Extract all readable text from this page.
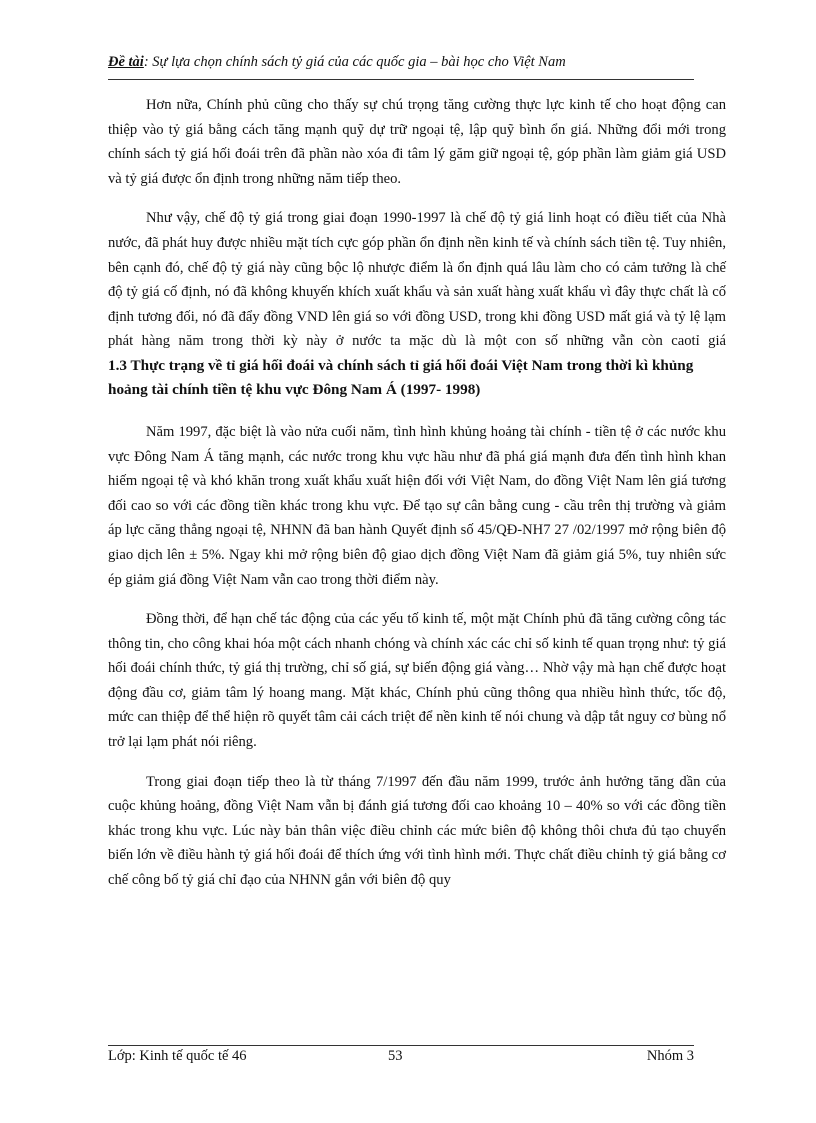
Đề tài: Sự lựa chọn chính sách tỷ giá của các quốc gia – bài học cho Việt Nam

Hơn nữa, Chính phủ cũng cho thấy sự chú trọng tăng cường thực lực kinh tế cho hoạt động can thiệp vào tỷ giá bằng cách tăng mạnh quỹ dự trữ ngoại tệ, lập quỹ bình ổn giá. Những đổi mới trong chính sách tỷ giá hối đoái trên đã phần nào xóa đi tâm lý găm giữ ngoại tệ, góp phần làm giảm giá USD và tỷ giá được ổn định trong những năm tiếp theo.

Như vậy, chế độ tỷ giá trong giai đoạn 1990-1997 là chế độ tỷ giá linh hoạt có điều tiết của Nhà nước, đã phát huy được nhiều mặt tích cực góp phần ổn định nền kinh tế và chính sách tiền tệ. Tuy nhiên, bên cạnh đó, chế độ tỷ giá này cũng bộc lộ nhược điểm là ổn định quá lâu làm cho có cảm tưởng là chế độ tỷ giá cố định, nó đã không khuyến khích xuất khẩu và sản xuất hàng xuất khẩu vì đây thực chất là cố định tương đối, nó đã đẩy đồng VND lên giá so với đồng USD, trong khi đồng USD mất giá và tỷ lệ lạm phát hàng năm trong thời kỳ này ở nước ta mặc dù là một con số những vẫn còn caotỉ giá

1.3 Thực trạng về tỉ giá hối đoái và chính sách tỉ giá hối đoái Việt Nam trong thời kì khủng hoảng tài chính tiền tệ khu vực Đông Nam Á (1997- 1998)

Năm 1997, đặc biệt là vào nửa cuối năm, tình hình khủng hoảng tài chính - tiền tệ ở các nước khu vực Đông Nam Á tăng mạnh, các nước trong khu vực hầu như đã phá giá mạnh đưa đến tình hình khan hiếm ngoại tệ và khó khăn trong xuất khẩu xuất hiện đối với Việt Nam, do đồng Việt Nam lên giá tương đối cao so với các đồng tiền khác trong khu vực. Để tạo sự cân bằng cung - cầu trên thị trường và giảm áp lực căng thẳng ngoại tệ, NHNN đã ban hành Quyết định số 45/QĐ-NH7 27 /02/1997 mở rộng biên độ giao dịch lên ± 5%. Ngay khi mở rộng biên độ giao dịch đồng Việt Nam đã giảm giá 5%, tuy nhiên sức ép giảm giá đồng Việt Nam vẫn cao trong thời điểm này.

Đồng thời, để hạn chế tác động của các yếu tố kinh tế, một mặt Chính phủ đã tăng cường công tác thông tin, cho công khai hóa một cách nhanh chóng và chính xác các chỉ số kinh tế quan trọng như: tỷ giá hối đoái chính thức, tỷ giá thị trường, chỉ số giá, sự biến động giá vàng… Nhờ vậy mà hạn chế được hoạt động đầu cơ, giảm tâm lý hoang mang. Mặt khác, Chính phủ cũng thông qua nhiều hình thức, tốc độ, mức can thiệp để thể hiện rõ quyết tâm cải cách triệt để nền kinh tế nói chung và dập tắt nguy cơ bùng nổ trở lại lạm phát nói riêng.

Trong giai đoạn tiếp theo là từ tháng 7/1997 đến đầu năm 1999, trước ảnh hưởng tăng dần của cuộc khủng hoảng, đồng Việt Nam vẫn bị đánh giá tương đối cao khoảng 10 – 40% so với các đồng tiền khác trong khu vực. Lúc này bản thân việc điều chỉnh các mức biên độ không thôi chưa đủ tạo chuyển biến lớn về điều hành tỷ giá hối đoái để thích ứng với tình hình mới. Thực chất điều chỉnh tỷ giá bằng cơ chế công bố tỷ giá chỉ đạo của NHNN gắn với biên độ quy

Lớp: Kinh tế quốc tế 46	53	Nhóm 3
